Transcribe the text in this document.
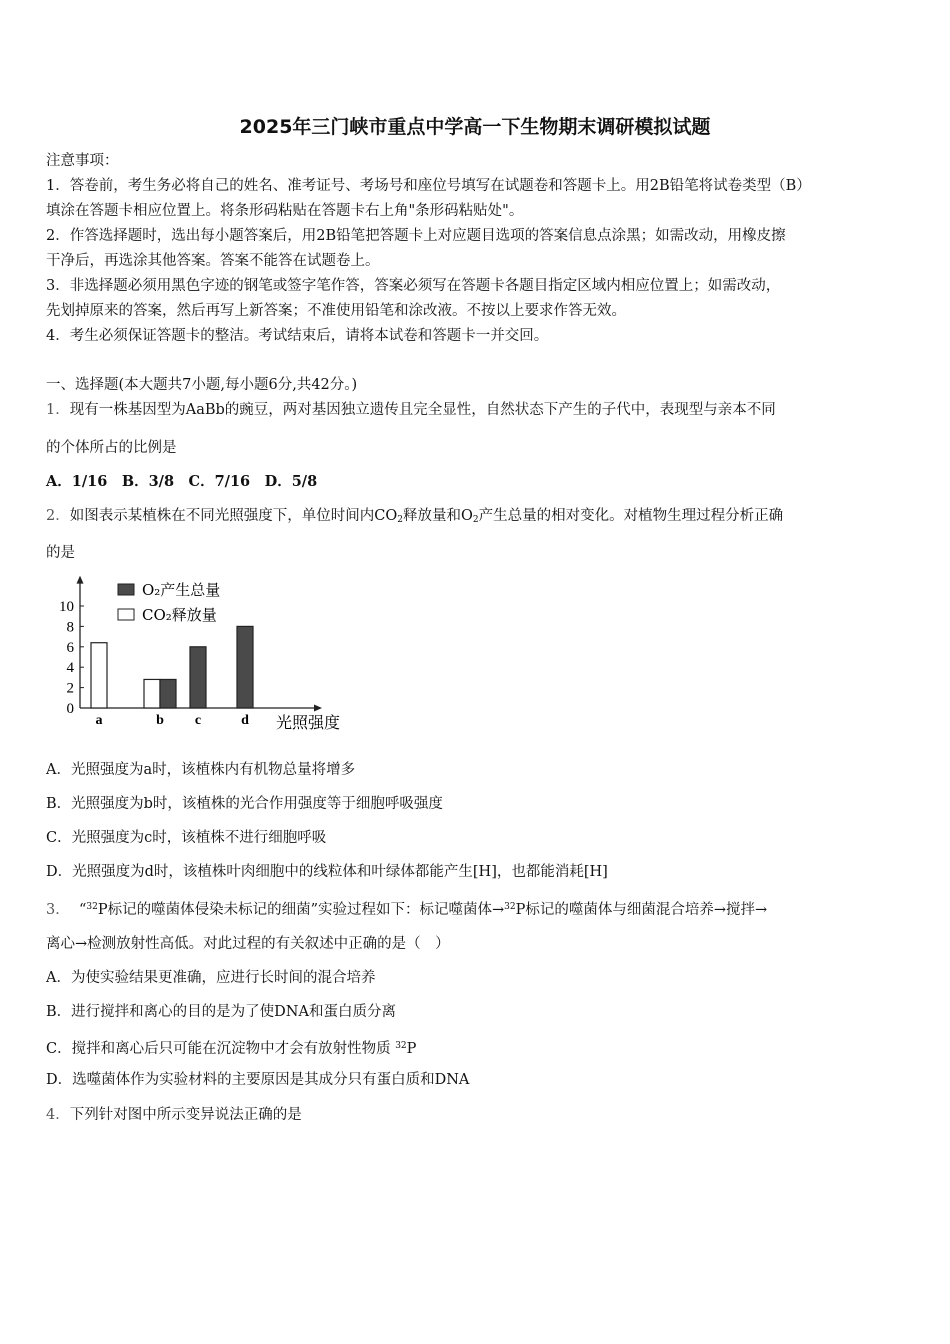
2025年三门峡市重点中学高一下生物期末调研模拟试题
注意事项：
1．答卷前，考生务必将自己的姓名、准考证号、考场号和座位号填写在试题卷和答题卡上。用2B铅笔将试卷类型（B）
填涂在答题卡相应位置上。将条形码粘贴在答题卡右上角"条形码粘贴处"。
2．作答选择题时，选出每小题答案后，用2B铅笔把答题卡上对应题目选项的答案信息点涂黑；如需改动，用橡皮擦
干净后，再选涂其他答案。答案不能答在试题卷上。
3．非选择题必须用黑色字迹的钢笔或签字笔作答，答案必须写在答题卡各题目指定区域内相应位置上；如需改动，
先划掉原来的答案，然后再写上新答案；不准使用铅笔和涂改液。不按以上要求作答无效。
4．考生必须保证答题卡的整洁。考试结束后，请将本试卷和答题卡一并交回。
一、选择题(本大题共7小题,每小题6分,共42分。)
1．现有一株基因型为AaBb的豌豆，两对基因独立遗传且完全显性，自然状态下产生的子代中，表现型与亲本不同
的个体所占的比例是
A．1/16　B．3/8　C．7/16　D．5/8
2．如图表示某植株在不同光照强度下，单位时间内$CO_2$释放量和$O_2$产生总量的相对变化。对植物生理过程分析正确
的是
0
2
4
6
8
10
a	b c	d 光照强度
O₂产生总量
CO₂释放量
A．光照强度为a时，该植株内有机物总量将增多
B．光照强度为b时，该植株的光合作用强度等于细胞呼吸强度
C．光照强度为c时，该植株不进行细胞呼吸
D．光照强度为d时，该植株叶肉细胞中的线粒体和叶绿体都能产生[H]，也都能消耗[H]
3． “$^{32}$P标记的噬菌体侵染未标记的细菌”实验过程如下：标记噬菌体→$^{32}$P标记的噬菌体与细菌混合培养→搅拌→
离心→检测放射性高低。对此过程的有关叙述中正确的是（　）
A．为使实验结果更准确，应进行长时间的混合培养
B．进行搅拌和离心的目的是为了使DNA和蛋白质分离
C．搅拌和离心后只可能在沉淀物中才会有放射性物质 $^{32}$P
D．选噬菌体作为实验材料的主要原因是其成分只有蛋白质和DNA
4．下列针对图中所示变异说法正确的是
